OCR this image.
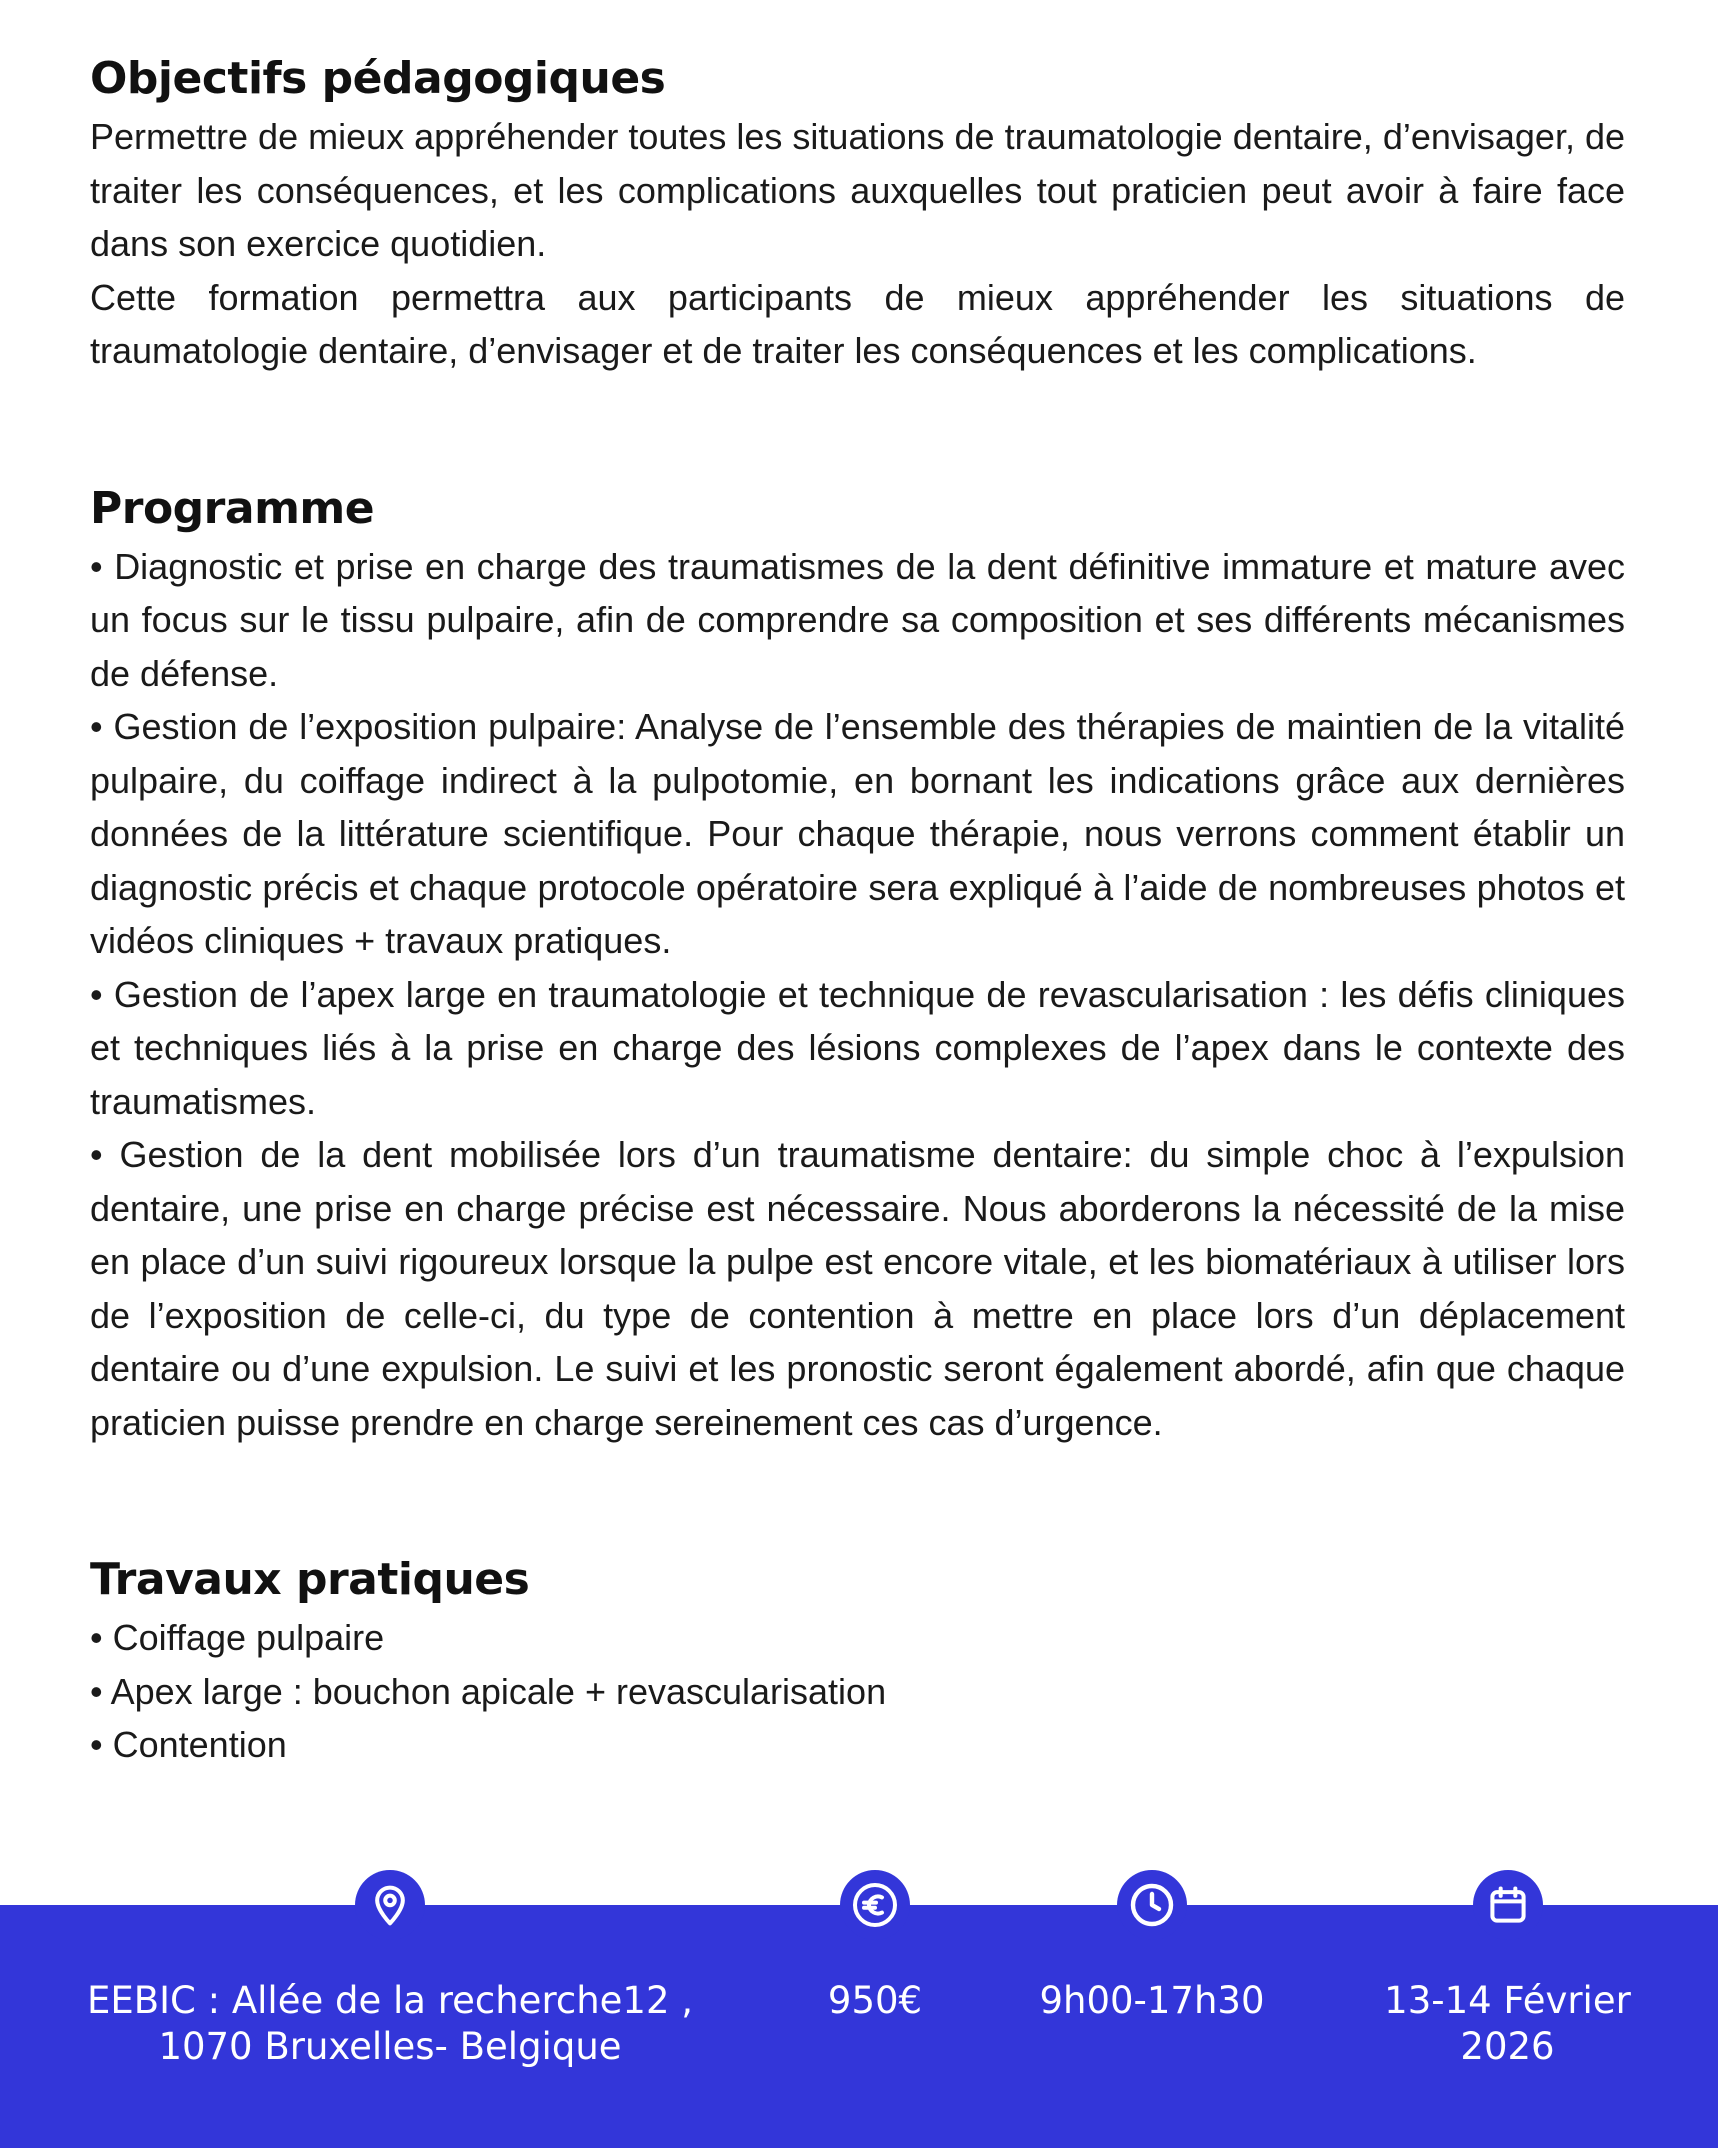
Objectifs pédagogiques

Permettre de mieux appréhender toutes les situations de traumatologie dentaire, d’envisager, de traiter les conséquences, et les complications auxquelles tout praticien peut avoir à faire face dans son exercice quotidien.

Cette formation permettra aux participants de mieux appréhender les situations de traumatologie dentaire, d’envisager et de traiter les conséquences et les complications.

Programme

• Diagnostic et prise en charge des traumatismes de la dent définitive immature et mature avec un focus sur le tissu pulpaire, afin de comprendre sa composition et ses différents mécanismes de défense.

• Gestion de l’exposition pulpaire: Analyse de l’ensemble des thérapies de maintien de la vitalité pulpaire, du coiffage indirect à la pulpotomie, en bornant les indications grâce aux dernières données de la littérature scientifique. Pour chaque thérapie, nous verrons comment établir un diagnostic précis et chaque protocole opératoire sera expliqué à l’aide de nombreuses photos et vidéos cliniques + travaux pratiques.

• Gestion de l’apex large en traumatologie et technique de revascularisation : les défis cliniques et techniques liés à la prise en charge des lésions complexes de l’apex dans le contexte des traumatismes.

• Gestion de la dent mobilisée lors d’un traumatisme dentaire: du simple choc à l’expulsion dentaire, une prise en charge précise est nécessaire. Nous aborderons la nécessité de la mise en place d’un suivi rigoureux lorsque la pulpe est encore vitale, et les biomatériaux à utiliser lors de l’exposition de celle-ci, du type de contention à mettre en place lors d’un déplacement dentaire ou d’une expulsion. Le suivi et les pronostic seront également abordé, afin que chaque praticien puisse prendre en charge sereinement ces cas d’urgence.

Travaux pratiques

• Coiffage pulpaire

• Apex large : bouchon apicale + revascularisation

• Contention

EEBIC : Allée de la recherche12 ,
1070 Bruxelles- Belgique
950€	9h00-17h30	13-14 Février
2026
